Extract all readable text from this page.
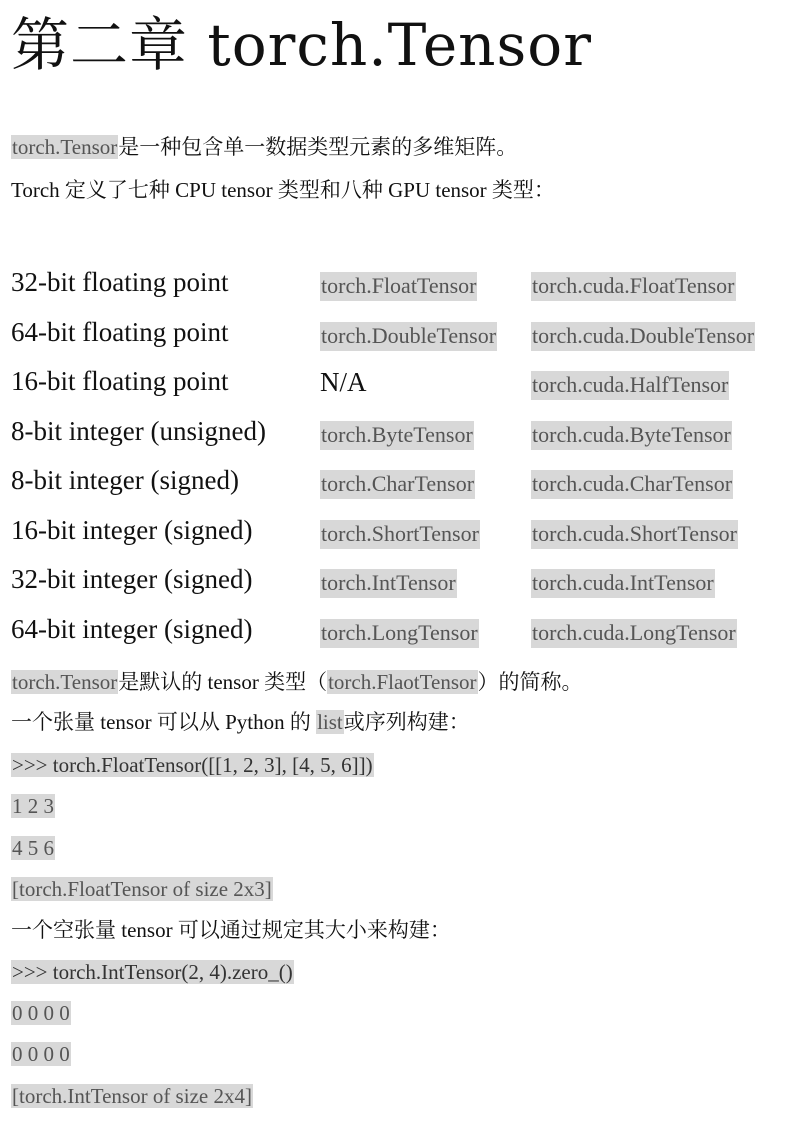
第二章 torch.Tensor
torch.Tensor是一种包含单一数据类型元素的多维矩阵。
Torch 定义了七种 CPU tensor 类型和八种 GPU tensor 类型：
32-bit floating point	torch.FloatTensor	torch.cuda.FloatTensor
64-bit floating point	torch.DoubleTensor torch.cuda.DoubleTensor
16-bit floating point	N/A	torch.cuda.HalfTensor
8-bit integer (unsigned)	torch.ByteTensor	torch.cuda.ByteTensor
8-bit integer (signed)	torch.CharTensor	torch.cuda.CharTensor
16-bit integer (signed)	torch.ShortTensor torch.cuda.ShortTensor
32-bit integer (signed)	torch.IntTensor	torch.cuda.IntTensor
64-bit integer (signed)	torch.LongTensor torch.cuda.LongTensor
torch.Tensor是默认的 tensor 类型（torch.FlaotTensor）的简称。
一个张量 tensor 可以从 Python 的 list或序列构建：
>>> torch.FloatTensor([[1, 2, 3], [4, 5, 6]])
1 2 3
4 5 6
[torch.FloatTensor of size 2x3]
一个空张量 tensor 可以通过规定其大小来构建：
>>> torch.IntTensor(2, 4).zero_()
0 0 0 0
0 0 0 0
[torch.IntTensor of size 2x4]
